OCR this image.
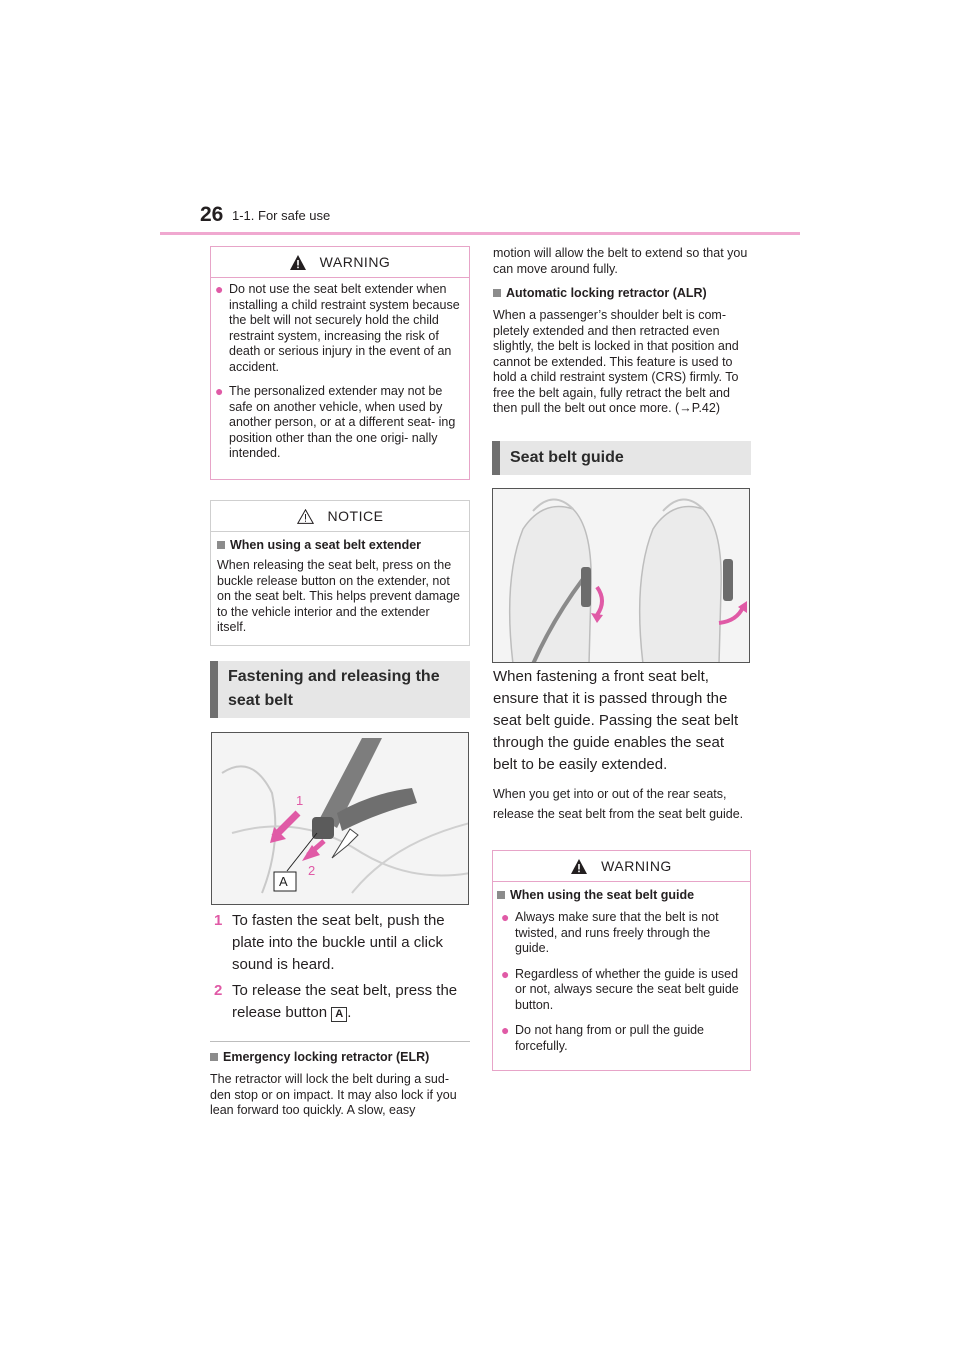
26 1-1. For safe use
WARNING
● Do not use the seat belt extender when installing a child restraint system because the belt will not securely hold the child restraint system, increasing the risk of death or serious injury in the event of an accident.
● The personalized extender may not be safe on another vehicle, when used by another person, or at a different seat- ing position other than the one origi- nally intended.
NOTICE
When using a seat belt extender
When releasing the seat belt, press on the buckle release button on the extender, not on the seat belt. This helps prevent damage to the vehicle interior and the extender itself.
Fastening and releasing the seat belt
1
2
A
1 To fasten the seat belt, push the plate into the buckle until a click sound is heard.
2 To release the seat belt, press the release button A .
Emergency locking retractor (ELR)
The retractor will lock the belt during a sud- den stop or on impact. It may also lock if you lean forward too quickly. A slow, easy
motion will allow the belt to extend so that you can move around fully.
Automatic locking retractor (ALR)
When a passenger’s shoulder belt is com- pletely extended and then retracted even slightly, the belt is locked in that position and cannot be extended. This feature is used to hold a child restraint system (CRS) firmly. To free the belt again, fully retract the belt and then pull the belt out once more. (→P.42)
Seat belt guide
When fastening a front seat belt, ensure that it is passed through the seat belt guide. Passing the seat belt through the guide enables the seat belt to be easily extended.
When you get into or out of the rear seats, release the seat belt from the seat belt guide.
WARNING
When using the seat belt guide
● Always make sure that the belt is not twisted, and runs freely through the guide.
● Regardless of whether the guide is used or not, always secure the seat belt guide button.
● Do not hang from or pull the guide forcefully.
